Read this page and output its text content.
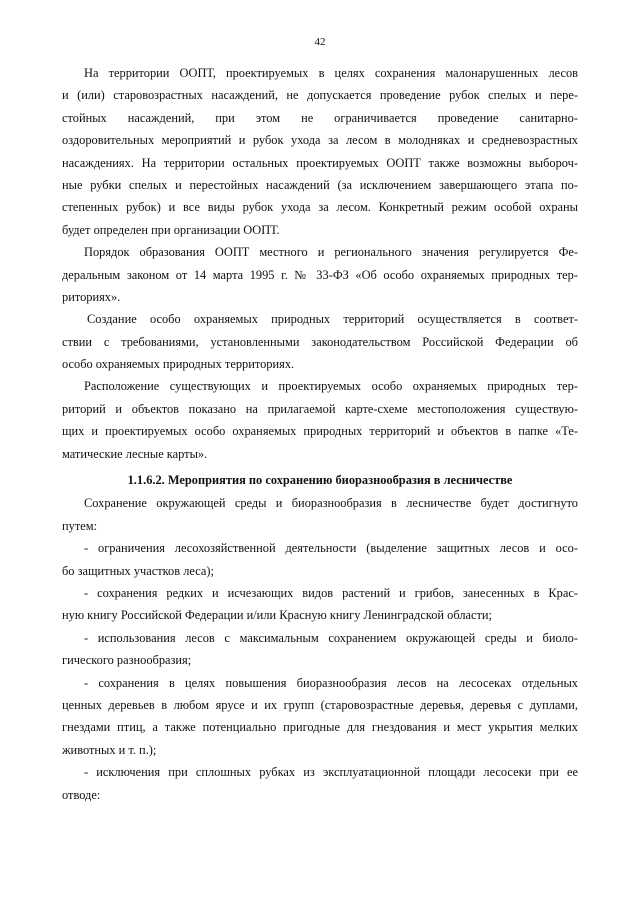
42
На территории ООПТ, проектируемых в целях сохранения малонарушенных лесов
и (или) старовозрастных насаждений, не допускается проведение рубок спелых и пере-
стойных насаждений, при этом не ограничивается проведение санитарно-
оздоровительных мероприятий и рубок ухода за лесом в молодняках и средневозрастных
насаждениях. На территории остальных проектируемых ООПТ также возможны выбороч-
ные рубки спелых и перестойных насаждений (за исключением завершающего этапа по-
степенных рубок) и все виды рубок ухода за лесом. Конкретный режим особой охраны
будет определен при организации ООПТ.
Порядок образования ООПТ местного и регионального значения регулируется Фе-
деральным законом от 14 марта 1995 г. № 33-ФЗ «Об особо охраняемых природных тер-
риториях».
Создание особо охраняемых природных территорий осуществляется в соответ-
ствии с требованиями, установленными законодательством Российской Федерации об
особо охраняемых природных территориях.
Расположение существующих и проектируемых особо охраняемых природных тер-
риторий и объектов показано на прилагаемой карте-схеме местоположения существую-
щих и проектируемых особо охраняемых природных территорий и объектов в папке «Те-
матические лесные карты».
1.1.6.2. Мероприятия по сохранению биоразнообразия в лесничестве
Сохранение окружающей среды и биоразнообразия в лесничестве будет достигнуто
путем:
- ограничения лесохозяйственной деятельности (выделение защитных лесов и осо-
бо защитных участков леса);
- сохранения редких и исчезающих видов растений и грибов, занесенных в Крас-
ную книгу Российской Федерации и/или Красную книгу Ленинградской области;
- использования лесов с максимальным сохранением окружающей среды и биоло-
гического разнообразия;
- сохранения в целях повышения биоразнообразия лесов на лесосеках отдельных
ценных деревьев в любом ярусе и их групп (старовозрастные деревья, деревья с дуплами,
гнездами птиц, а также потенциально пригодные для гнездования и мест укрытия мелких
животных и т. п.);
- исключения при сплошных рубках из эксплуатационной площади лесосеки при ее
отводе:
